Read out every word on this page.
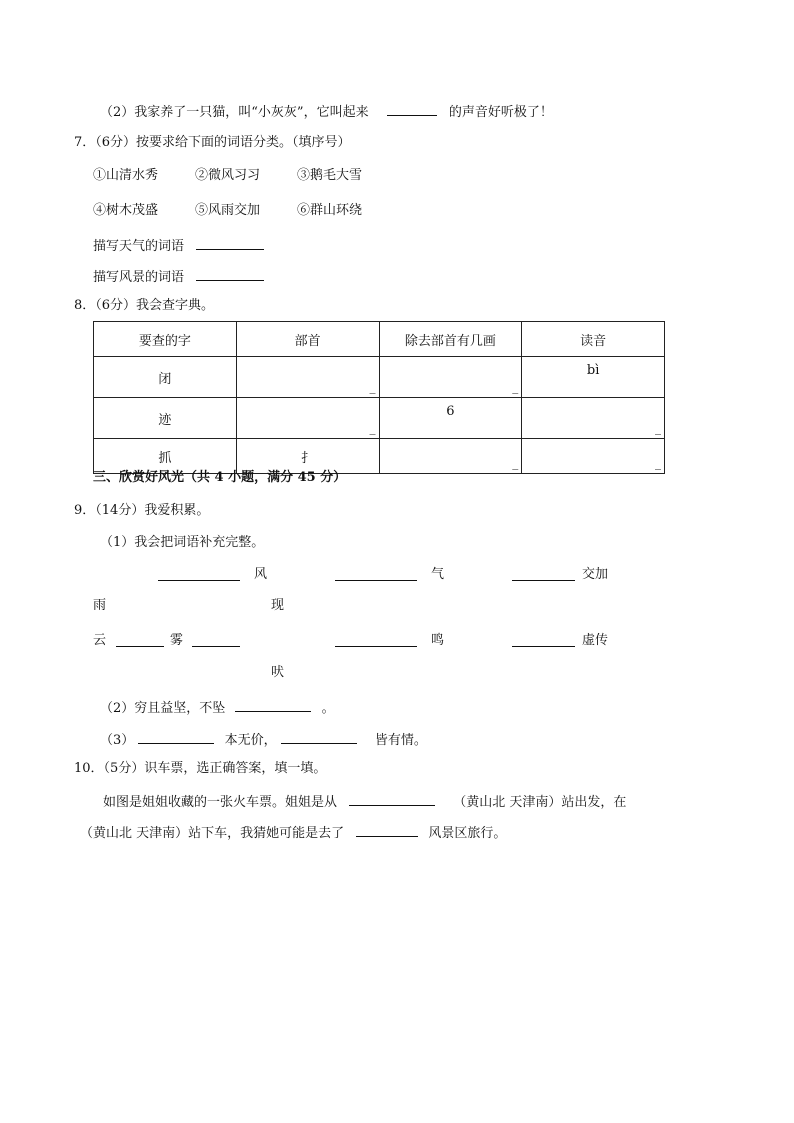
（2）我家养了一只猫，叫“小灰灰”，它叫起来	的声音好听极了！
7．（6分）按要求给下面的词语分类。（填序号）
①山清水秀	②微风习习	③鹅毛大雪
④树木茂盛	⑤风雨交加	⑥群山环绕
描写天气的词语
描写风景的词语
8．（6分）我会查字典。
要查的字	部首	除去部首有几画	读音
闭	_	_	bì
迹	_	6	_

抓	扌	_	_
三、欣赏好风光（共 4 小题，满分 45 分）
9．（14分）我爱积累。
（1）我会把词语补充完整。
风	气	交加
雨	现
云	雾	鸣	虚传
吠
（2）穷且益坚，不坠	。
（3）	本无价，	皆有情。
10．（5分）识车票，选正确答案，填一填。
如图是姐姐收藏的一张火车票。姐姐是从	（黄山北 天津南）站出发，在
（黄山北 天津南）站下车，我猜她可能是去了	风景区旅行。
